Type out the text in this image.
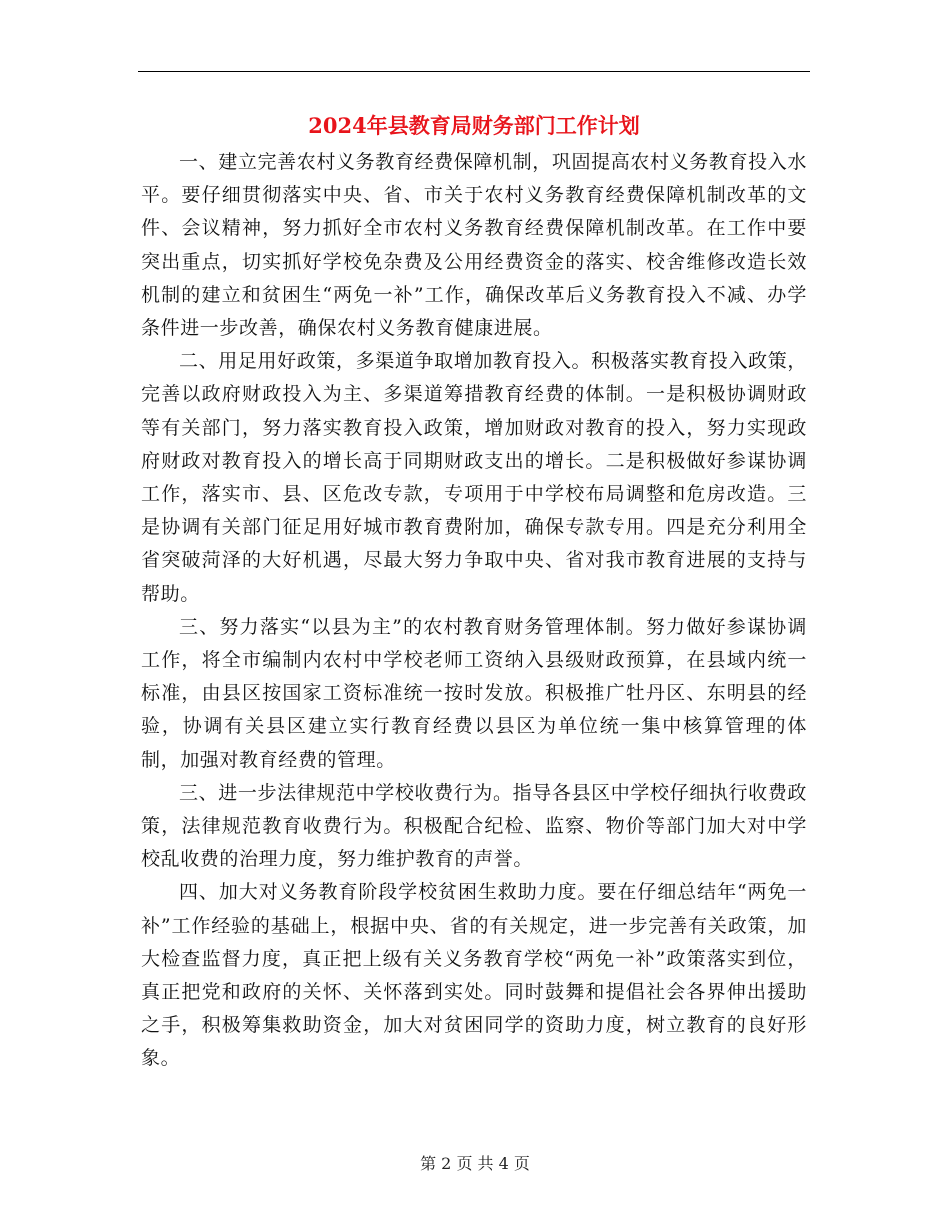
2024年县教育局财务部门工作计划

一、建立完善农村义务教育经费保障机制，巩固提高农村义务教育投入水平。要仔细贯彻落实中央、省、市关于农村义务教育经费保障机制改革的文件、会议精神，努力抓好全市农村义务教育经费保障机制改革。在工作中要突出重点，切实抓好学校免杂费及公用经费资金的落实、校舍维修改造长效机制的建立和贫困生“两免一补”工作，确保改革后义务教育投入不减、办学条件进一步改善，确保农村义务教育健康进展。

二、用足用好政策，多渠道争取增加教育投入。积极落实教育投入政策，完善以政府财政投入为主、多渠道筹措教育经费的体制。一是积极协调财政等有关部门，努力落实教育投入政策，增加财政对教育的投入，努力实现政府财政对教育投入的增长高于同期财政支出的增长。二是积极做好参谋协调工作，落实市、县、区危改专款，专项用于中学校布局调整和危房改造。三是协调有关部门征足用好城市教育费附加，确保专款专用。四是充分利用全省突破菏泽的大好机遇，尽最大努力争取中央、省对我市教育进展的支持与帮助。

三、努力落实“以县为主”的农村教育财务管理体制。努力做好参谋协调工作，将全市编制内农村中学校老师工资纳入县级财政预算，在县域内统一标准，由县区按国家工资标准统一按时发放。积极推广牡丹区、东明县的经验，协调有关县区建立实行教育经费以县区为单位统一集中核算管理的体制，加强对教育经费的管理。

三、进一步法律规范中学校收费行为。指导各县区中学校仔细执行收费政策，法律规范教育收费行为。积极配合纪检、监察、物价等部门加大对中学校乱收费的治理力度，努力维护教育的声誉。

四、加大对义务教育阶段学校贫困生救助力度。要在仔细总结年“两免一补”工作经验的基础上，根据中央、省的有关规定，进一步完善有关政策，加大检查监督力度，真正把上级有关义务教育学校“两免一补”政策落实到位，真正把党和政府的关怀、关怀落到实处。同时鼓舞和提倡社会各界伸出援助之手，积极筹集救助资金，加大对贫困同学的资助力度，树立教育的良好形象。

第 2 页 共 4 页
